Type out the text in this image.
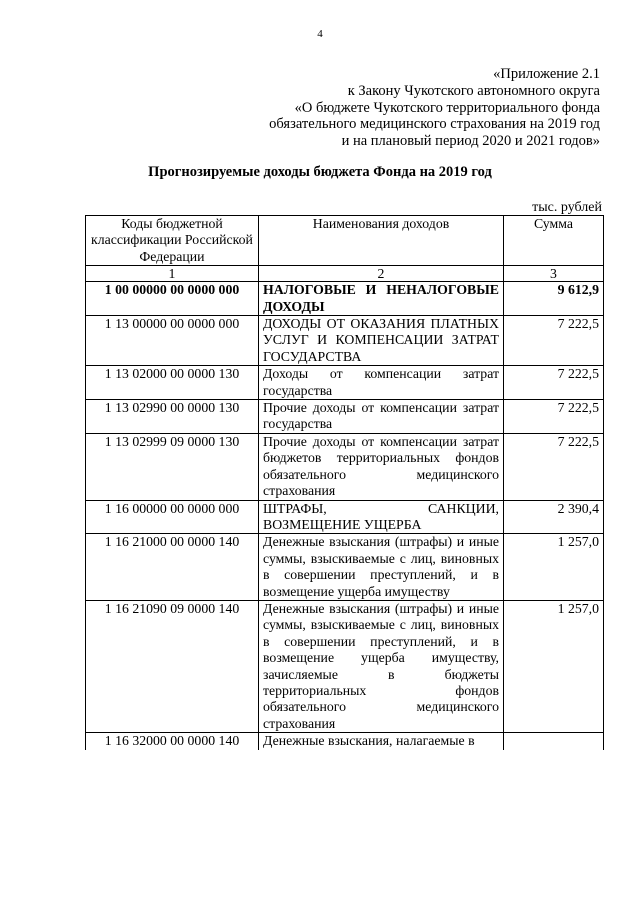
4
«Приложение 2.1
к Закону Чукотского автономного округа
«О бюджете Чукотского территориального фонда
обязательного медицинского страхования на 2019 год
и на плановый период 2020 и 2021 годов»
Прогнозируемые доходы бюджета Фонда на 2019 год
тыс. рублей
Коды бюджетной классификации Российской Федерации	Наименования доходов	Сумма
1	2	3
1 00 00000 00 0000 000	НАЛОГОВЫЕ И НЕНАЛОГОВЫЕ ДОХОДЫ	9 612,9
1 13 00000 00 0000 000	ДОХОДЫ ОТ ОКАЗАНИЯ ПЛАТНЫХ УСЛУГ И КОМПЕНСАЦИИ ЗАТРАТ ГОСУДАРСТВА	7 222,5
1 13 02000 00 0000 130	Доходы от компенсации затрат государства	7 222,5
1 13 02990 00 0000 130	Прочие доходы от компенсации затрат государства	7 222,5
1 13 02999 09 0000 130	Прочие доходы от компенсации затрат бюджетов территориальных фондов обязательного медицинского страхования	7 222,5
1 16 00000 00 0000 000	ШТРАФЫ, САНКЦИИ, ВОЗМЕЩЕНИЕ УЩЕРБА	2 390,4
1 16 21000 00 0000 140	Денежные взыскания (штрафы) и иные суммы, взыскиваемые с лиц, виновных в совершении преступлений, и в возмещение ущерба имуществу	1 257,0
1 16 21090 09 0000 140	Денежные взыскания (штрафы) и иные суммы, взыскиваемые с лиц, виновных в совершении преступлений, и в возмещение ущерба имуществу, зачисляемые в бюджеты территориальных фондов обязательного медицинского страхования	1 257,0
1 16 32000 00 0000 140	Денежные взыскания, налагаемые в	
